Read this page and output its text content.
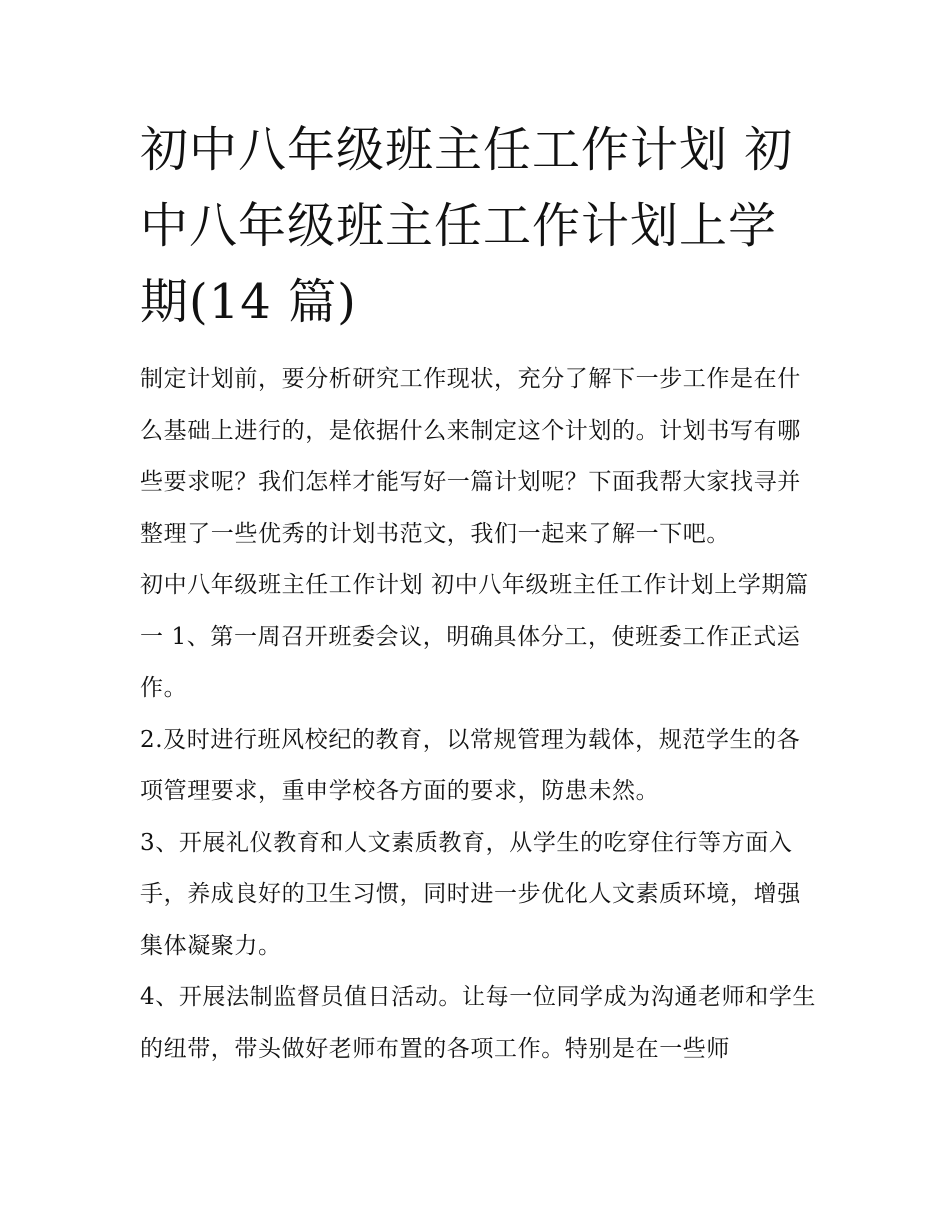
初中八年级班主任工作计划 初中八年级班主任工作计划上学期(14 篇)

制定计划前，要分析研究工作现状，充分了解下一步工作是在什么基础上进行的，是依据什么来制定这个计划的。计划书写有哪些要求呢？我们怎样才能写好一篇计划呢？下面我帮大家找寻并整理了一些优秀的计划书范文，我们一起来了解一下吧。

初中八年级班主任工作计划 初中八年级班主任工作计划上学期篇一 1、第一周召开班委会议，明确具体分工，使班委工作正式运作。

2.及时进行班风校纪的教育，以常规管理为载体，规范学生的各项管理要求，重申学校各方面的要求，防患未然。

3、开展礼仪教育和人文素质教育，从学生的吃穿住行等方面入手，养成良好的卫生习惯，同时进一步优化人文素质环境，增强集体凝聚力。

4、开展法制监督员值日活动。让每一位同学成为沟通老师和学生的纽带，带头做好老师布置的各项工作。特别是在一些师
